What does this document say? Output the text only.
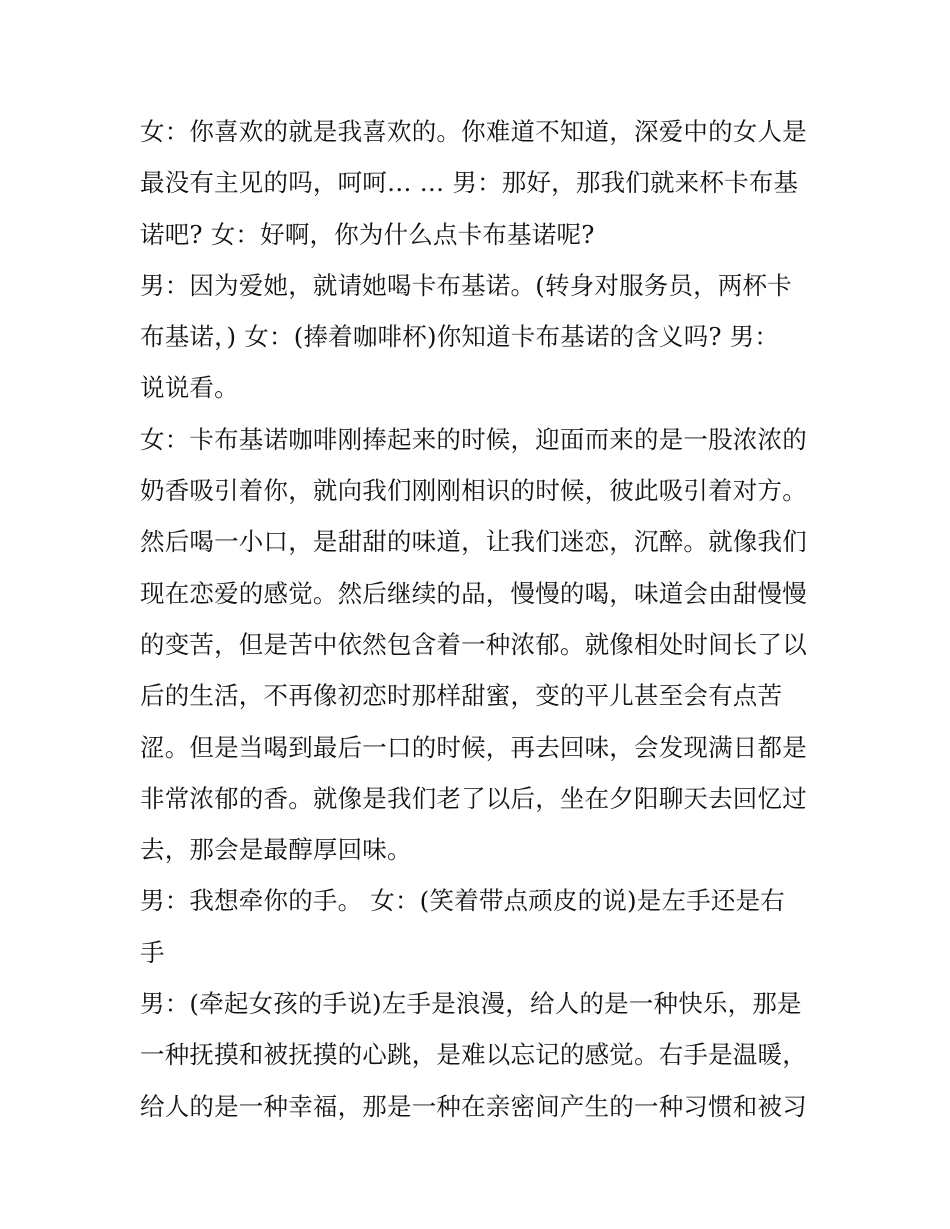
女：你喜欢的就是我喜欢的。你难道不知道，深爱中的女人是
最没有主见的吗，呵呵… … 男：那好，那我们就来杯卡布基
诺吧? 女：好啊，你为什么点卡布基诺呢?
男：因为爱她，就请她喝卡布基诺。(转身对服务员，两杯卡
布基诺，) 女：(捧着咖啡杯)你知道卡布基诺的含义吗? 男：
说说看。
女：卡布基诺咖啡刚捧起来的时候，迎面而来的是一股浓浓的
奶香吸引着你，就向我们刚刚相识的时候，彼此吸引着对方。
然后喝一小口，是甜甜的味道，让我们迷恋，沉醉。就像我们
现在恋爱的感觉。然后继续的品，慢慢的喝，味道会由甜慢慢
的变苦，但是苦中依然包含着一种浓郁。就像相处时间长了以
后的生活，不再像初恋时那样甜蜜，变的平儿甚至会有点苦
涩。但是当喝到最后一口的时候，再去回味，会发现满日都是
非常浓郁的香。就像是我们老了以后，坐在夕阳聊天去回忆过
去，那会是最醇厚回味。
男：我想牵你的手。 女：(笑着带点顽皮的说)是左手还是右
手
男：(牵起女孩的手说)左手是浪漫，给人的是一种快乐，那是
一种抚摸和被抚摸的心跳，是难以忘记的感觉。右手是温暖，
给人的是一种幸福，那是一种在亲密间产生的一种习惯和被习
